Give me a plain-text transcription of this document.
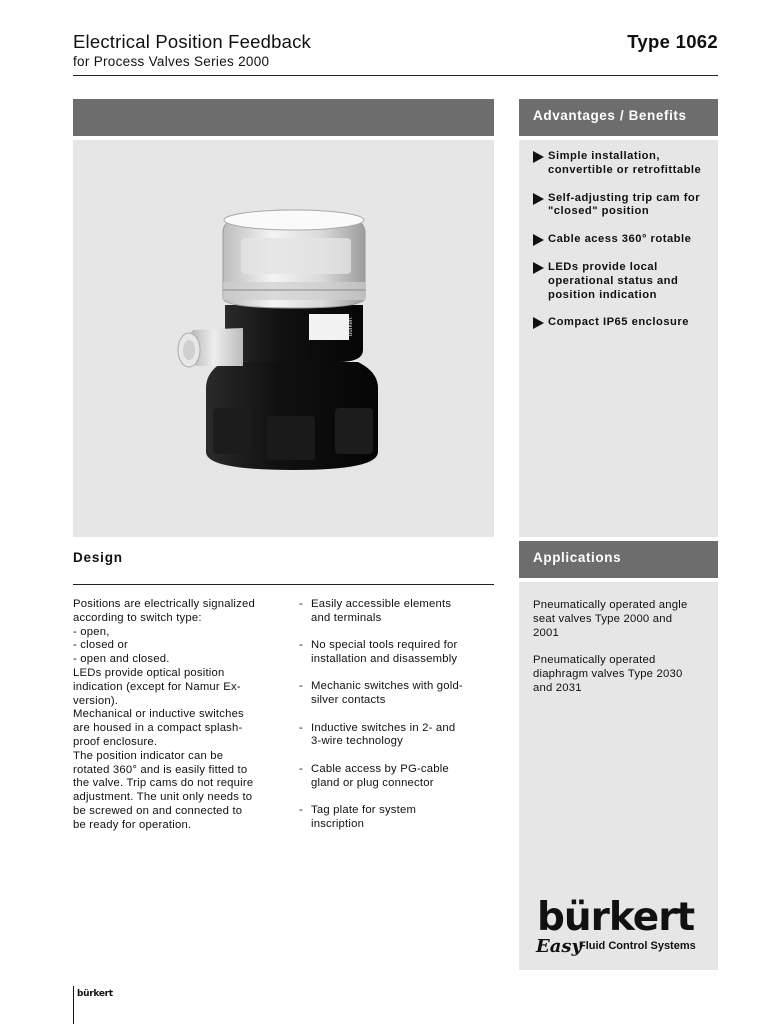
Electrical Position Feedback
for Process Valves Series 2000
Type 1062
bürkert
Advantages / Benefits
Simple installation,
convertible or retrofittable
Self-adjusting trip cam for
"closed" position
Cable acess 360° rotable
LEDs provide local
operational status and
position indication
Compact IP65 enclosure
Design
Positions are electrically signalized
according to switch type:
- open,
- closed or
- open and closed.
LEDs provide optical position
indication (except for Namur Ex-
version).
Mechanical or inductive switches
are housed in a compact splash-
proof enclosure.
The position indicator can be
rotated 360° and is easily fitted to
the valve. Trip cams do not require
adjustment. The unit only needs to
be screwed on and connected to
be ready for operation.
- Easily accessible elements
and terminals
- No special tools required for
installation and disassembly
- Mechanic switches with gold-
silver contacts
- Inductive switches in 2- and
3-wire technology
- Cable access by PG-cable
gland or plug connector
- Tag plate for system
inscription
Applications

Pneumatically operated angle
seat valves Type 2000 and
2001

Pneumatically operated
diaphragm valves Type 2030
and 2031

bürkert
Easy
Fluid Control Systems
bürkert
